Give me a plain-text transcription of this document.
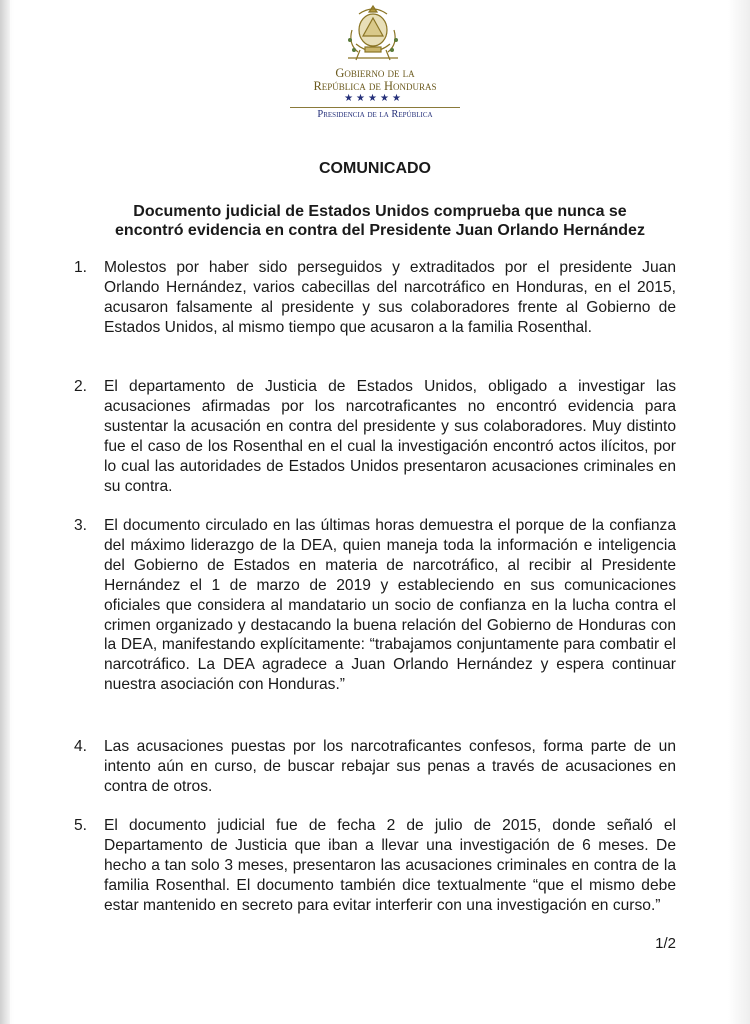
Gobierno de la
República de Honduras
★★★★★
Presidencia de la República
COMUNICADO
Documento judicial de Estados Unidos comprueba que nunca se
encontró evidencia en contra del Presidente Juan Orlando Hernández
1.	Molestos por haber sido perseguidos y extraditados por el presidente Juan Orlando Hernández, varios cabecillas del narcotráfico en Honduras, en el 2015, acusaron falsamente al presidente y sus colaboradores frente al Gobierno de Estados Unidos, al mismo tiempo que acusaron a la familia Rosenthal.
2.	El departamento de Justicia de Estados Unidos, obligado a investigar las acusaciones afirmadas por los narcotraficantes no encontró evidencia para sustentar la acusación en contra del presidente y sus colaboradores. Muy distinto fue el caso de los Rosenthal en el cual la investigación encontró actos ilícitos, por lo cual las autoridades de Estados Unidos presentaron acusaciones criminales en su contra.
3.	El documento circulado en las últimas horas demuestra el porque de la confianza del máximo liderazgo de la DEA, quien maneja toda la información e inteligencia del Gobierno de Estados en materia de narcotráfico, al recibir al Presidente Hernández el 1 de marzo de 2019 y estableciendo en sus comunicaciones oficiales que considera al mandatario un socio de confianza en la lucha contra el crimen organizado y destacando la buena relación del Gobierno de Honduras con la DEA, manifestando explícitamente: “trabajamos conjuntamente para combatir el narcotráfico. La DEA agradece a Juan Orlando Hernández y espera continuar nuestra asociación con Honduras.”
4.	Las acusaciones puestas por los narcotraficantes confesos, forma parte de un intento aún en curso, de buscar rebajar sus penas a través de acusaciones en contra de otros.
5.	El documento judicial fue de fecha 2 de julio de 2015, donde señaló el Departamento de Justicia que iban a llevar una investigación de 6 meses. De hecho a tan solo 3 meses, presentaron las acusaciones criminales en contra de la familia Rosenthal. El documento también dice textualmente “que el mismo debe estar mantenido en secreto para evitar interferir con una investigación en curso.”
1/2
